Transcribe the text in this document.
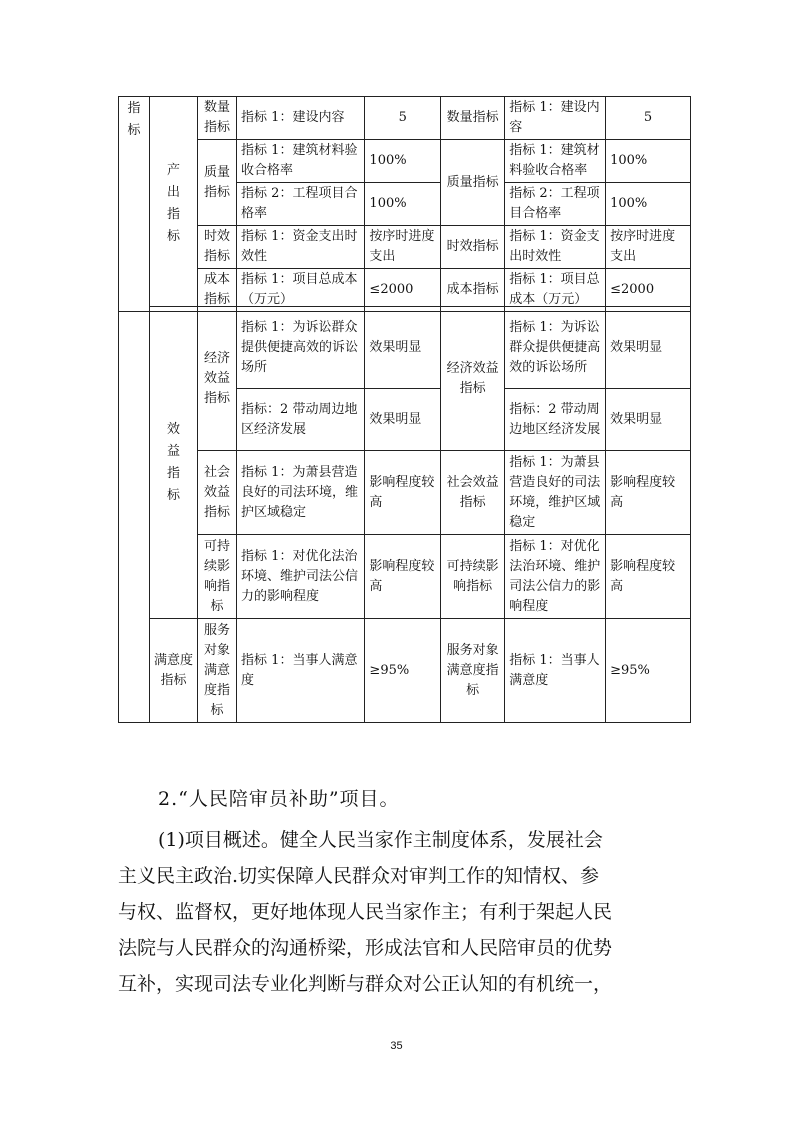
指标	产出指标	数量指标	指标 1：建设内容	5	数量指标	指标 1：建设内容	5
		质量指标	指标 1：建筑材料验收合格率	100%	质量指标	指标 1：建筑材料验收合格率	100%
			指标 2：工程项目合格率	100%		指标 2：工程项目合格率	100%
		时效指标	指标 1：资金支出时效性	按序时进度支出	时效指标	指标 1：资金支出时效性	按序时进度支出
		成本指标	指标 1：项目总成本（万元）	≤2000	成本指标	指标 1：项目总成本（万元）	≤2000

	效益指标	经济效益指标	指标 1：为诉讼群众提供便捷高效的诉讼场所	效果明显	经济效益指标	指标 1：为诉讼群众提供便捷高效的诉讼场所	效果明显
			指标：2 带动周边地区经济发展	效果明显		指标：2 带动周边地区经济发展	效果明显
		社会效益指标	指标 1：为萧县营造良好的司法环境，维护区域稳定	影响程度较高	社会效益指标	指标 1：为萧县营造良好的司法环境，维护区域稳定	影响程度较高
		可持续影响指标	指标 1：对优化法治环境、维护司法公信力的影响程度	影响程度较高	可持续影响指标	指标 1：对优化法治环境、维护司法公信力的影响程度	影响程度较高
	满意度指标	服务对象满意度指标	指标 1：当事人满意度	≥95%	服务对象满意度指标	指标 1：当事人满意度	≥95%
2.“人民陪审员补助”项目。
(1)项目概述。健全人民当家作主制度体系，发展社会
主义民主政治.切实保障人民群众对审判工作的知情权、参
与权、监督权，更好地体现人民当家作主；有利于架起人民
法院与人民群众的沟通桥梁，形成法官和人民陪审员的优势
互补，实现司法专业化判断与群众对公正认知的有机统一，
35
